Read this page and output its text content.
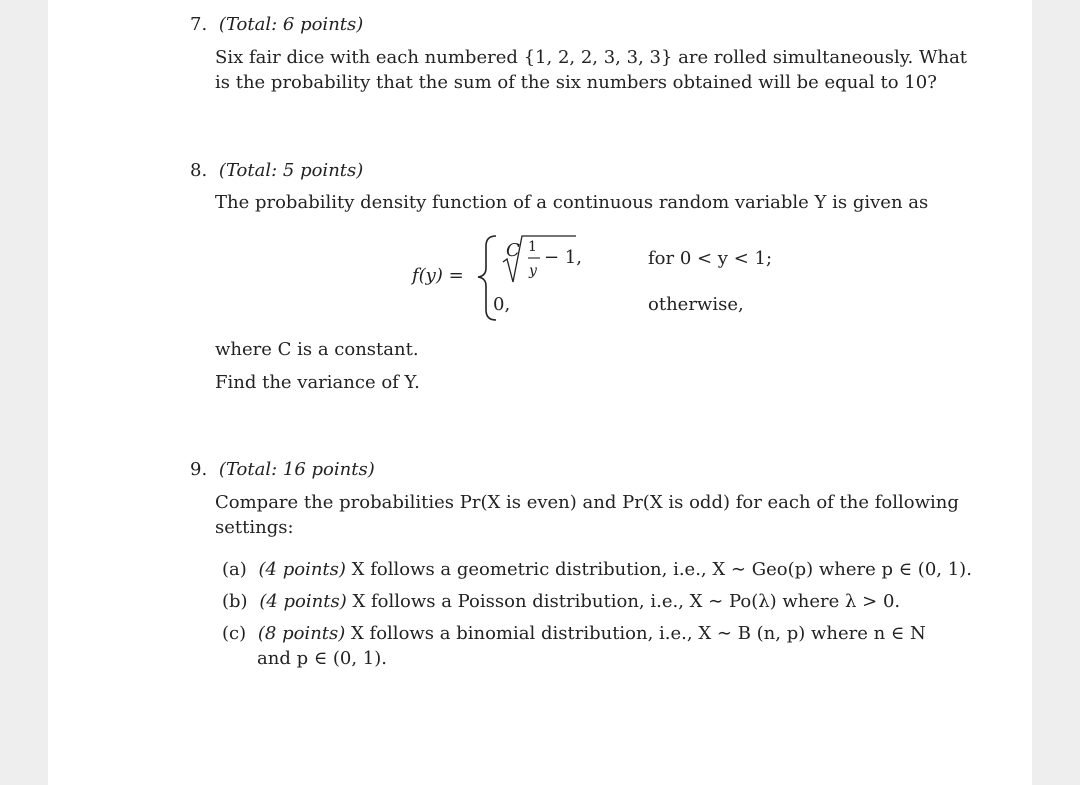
7. (Total: 6 points)
Six fair dice with each numbered {1, 2, 2, 3, 3, 3} are rolled simultaneously. What
is the probability that the sum of the six numbers obtained will be equal to 10?
8. (Total: 5 points)
The probability density function of a continuous random variable Y is given as
f(y) =
C 1
y
− 1,	for 0 < y < 1;
0,	otherwise,
where C is a constant.
Find the variance of Y.
9. (Total: 16 points)
Compare the probabilities Pr(X is even) and Pr(X is odd) for each of the following
settings:
(a) (4 points) X follows a geometric distribution, i.e., X ∼ Geo(p) where p ∈ (0, 1).
(b) (4 points) X follows a Poisson distribution, i.e., X ∼ Po(λ) where λ > 0.
(c) (8 points) X follows a binomial distribution, i.e., X ∼ B (n, p) where n ∈ N
and p ∈ (0, 1).
